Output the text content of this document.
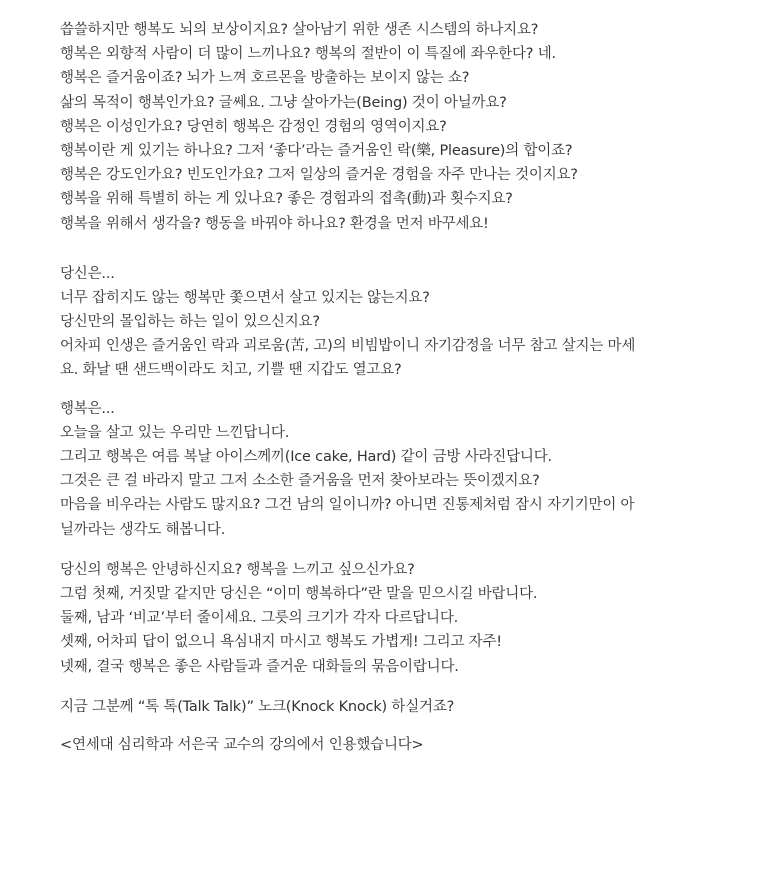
씁쓸하지만 행복도 뇌의 보상이지요? 살아남기 위한 생존 시스템의 하나지요?
행복은 외향적 사람이 더 많이 느끼나요? 행복의 절반이 이 특질에 좌우한다? 네.
행복은 즐거움이죠? 뇌가 느껴 호르몬을 방출하는 보이지 않는 쇼?
삶의 목적이 행복인가요? 글쎄요. 그냥 살아가는(Being) 것이 아닐까요?
행복은 이성인가요? 당연히 행복은 감정인 경험의 영역이지요?
행복이란 게 있기는 하나요? 그저 ‘좋다’라는 즐거움인 락(樂, Pleasure)의 합이죠?
행복은 강도인가요? 빈도인가요? 그저 일상의 즐거운 경험을 자주 만나는 것이지요?
행복을 위해 특별히 하는 게 있나요? 좋은 경험과의 접촉(動)과 횟수지요?
행복을 위해서 생각을? 행동을 바꿔야 하나요? 환경을 먼저 바꾸세요!
당신은...
너무 잡히지도 않는 행복만 쫓으면서 살고 있지는 않는지요?
당신만의 몰입하는 하는 일이 있으신지요?
어차피 인생은 즐거움인 락과 괴로움(苦, 고)의 비빔밥이니 자기감정을 너무 참고 살지는 마세
요. 화날 땐 샌드백이라도 치고, 기쁠 땐 지갑도 열고요?
행복은...
오늘을 살고 있는 우리만 느낀답니다.
그리고 행복은 여름 복날 아이스께끼(Ice cake, Hard) 같이 금방 사라진답니다.
그것은 큰 걸 바라지 말고 그저 소소한 즐거움을 먼저 찾아보라는 뜻이겠지요?
마음을 비우라는 사람도 많지요? 그건 남의 일이니까? 아니면 진통제처럼 잠시 자기기만이 아
닐까라는 생각도 해봅니다.
당신의 행복은 안녕하신지요? 행복을 느끼고 싶으신가요?
그럼 첫째, 거짓말 같지만 당신은 “이미 행복하다”란 말을 믿으시길 바랍니다.
둘째, 남과 ‘비교’부터 줄이세요. 그릇의 크기가 각자 다르답니다.
셋째, 어차피 답이 없으니 욕심내지 마시고 행복도 가볍게! 그리고 자주!
넷째, 결국 행복은 좋은 사람들과 즐거운 대화들의 묶음이랍니다.
지금 그분께 “톡 톡(Talk Talk)” 노크(Knock Knock) 하실거죠?
<연세대 심리학과 서은국 교수의 강의에서 인용했습니다>
